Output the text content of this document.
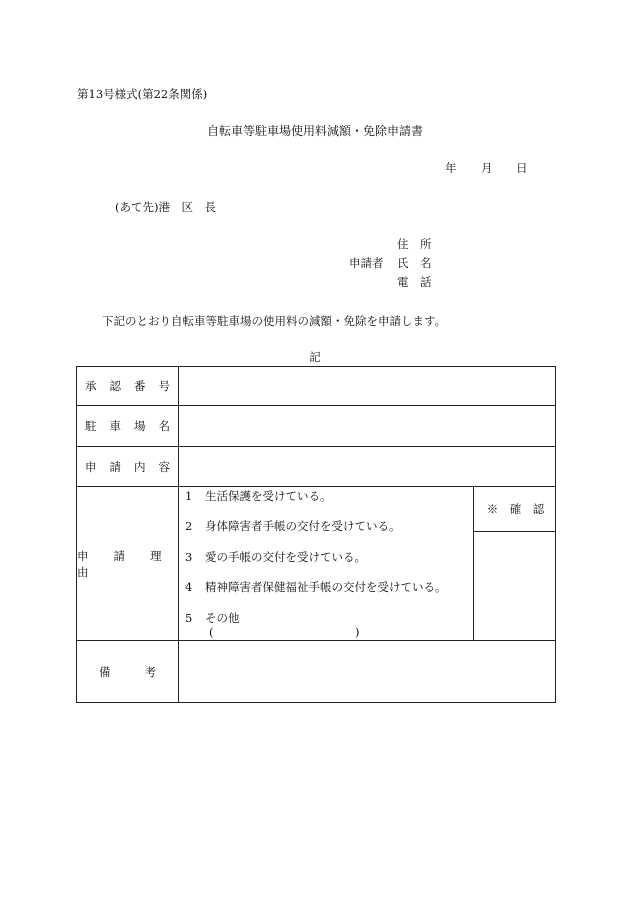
第13号様式(第22条関係)
自転車等駐車場使用料減額・免除申請書
年 月 日
(あて先)港　区　長
住　所
申請者 氏　名
電　話
下記のとおり自転車等駐車場の使用料の減額・免除を申請します。
記
承認番号
駐車場名
申請内容
申請理由
1 生活保護を受けている。
2 身体障害者手帳の交付を受けている。
3 愛の手帳の交付を受けている。
4 精神障害者保健福祉手帳の交付を受けている。
5 その他
(	)
※　確　認
備考
